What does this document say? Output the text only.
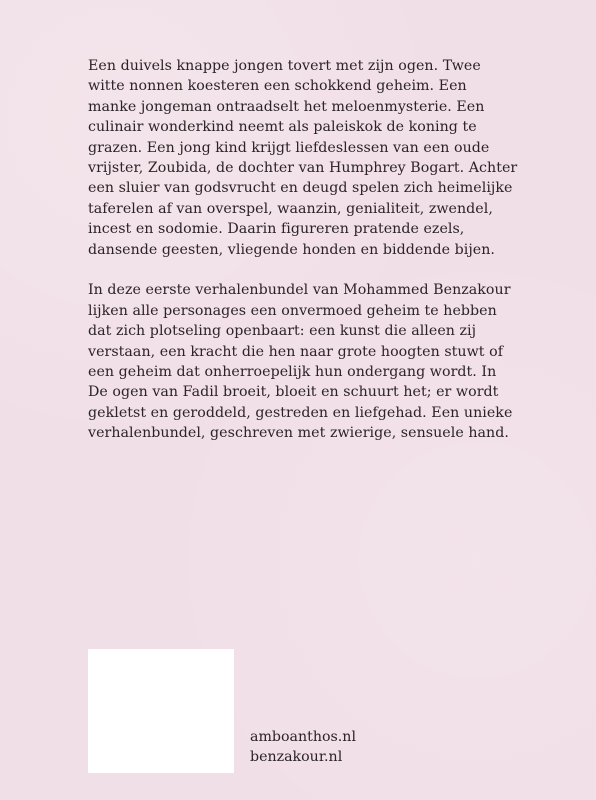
Een duivels knappe jongen tovert met zijn ogen. Twee
witte nonnen koesteren een schokkend geheim. Een
manke jongeman ontraadselt het meloenmysterie. Een
culinair wonderkind neemt als paleiskok de koning te
grazen. Een jong kind krijgt liefdeslessen van een oude
vrijster, Zoubida, de dochter van Humphrey Bogart. Achter
een sluier van godsvrucht en deugd spelen zich heimelijke
taferelen af van overspel, waanzin, genialiteit, zwendel,
incest en sodomie. Daarin figureren pratende ezels,
dansende geesten, vliegende honden en biddende bijen.

In deze eerste verhalenbundel van Mohammed Benzakour
lijken alle personages een onvermoed geheim te hebben
dat zich plotseling openbaart: een kunst die alleen zij
verstaan, een kracht die hen naar grote hoogten stuwt of
een geheim dat onherroepelijk hun ondergang wordt. In
De ogen van Fadil broeit, bloeit en schuurt het; er wordt
gekletst en geroddeld, gestreden en liefgehad. Een unieke
verhalenbundel, geschreven met zwierige, sensuele hand.

amboanthos.nl
benzakour.nl
